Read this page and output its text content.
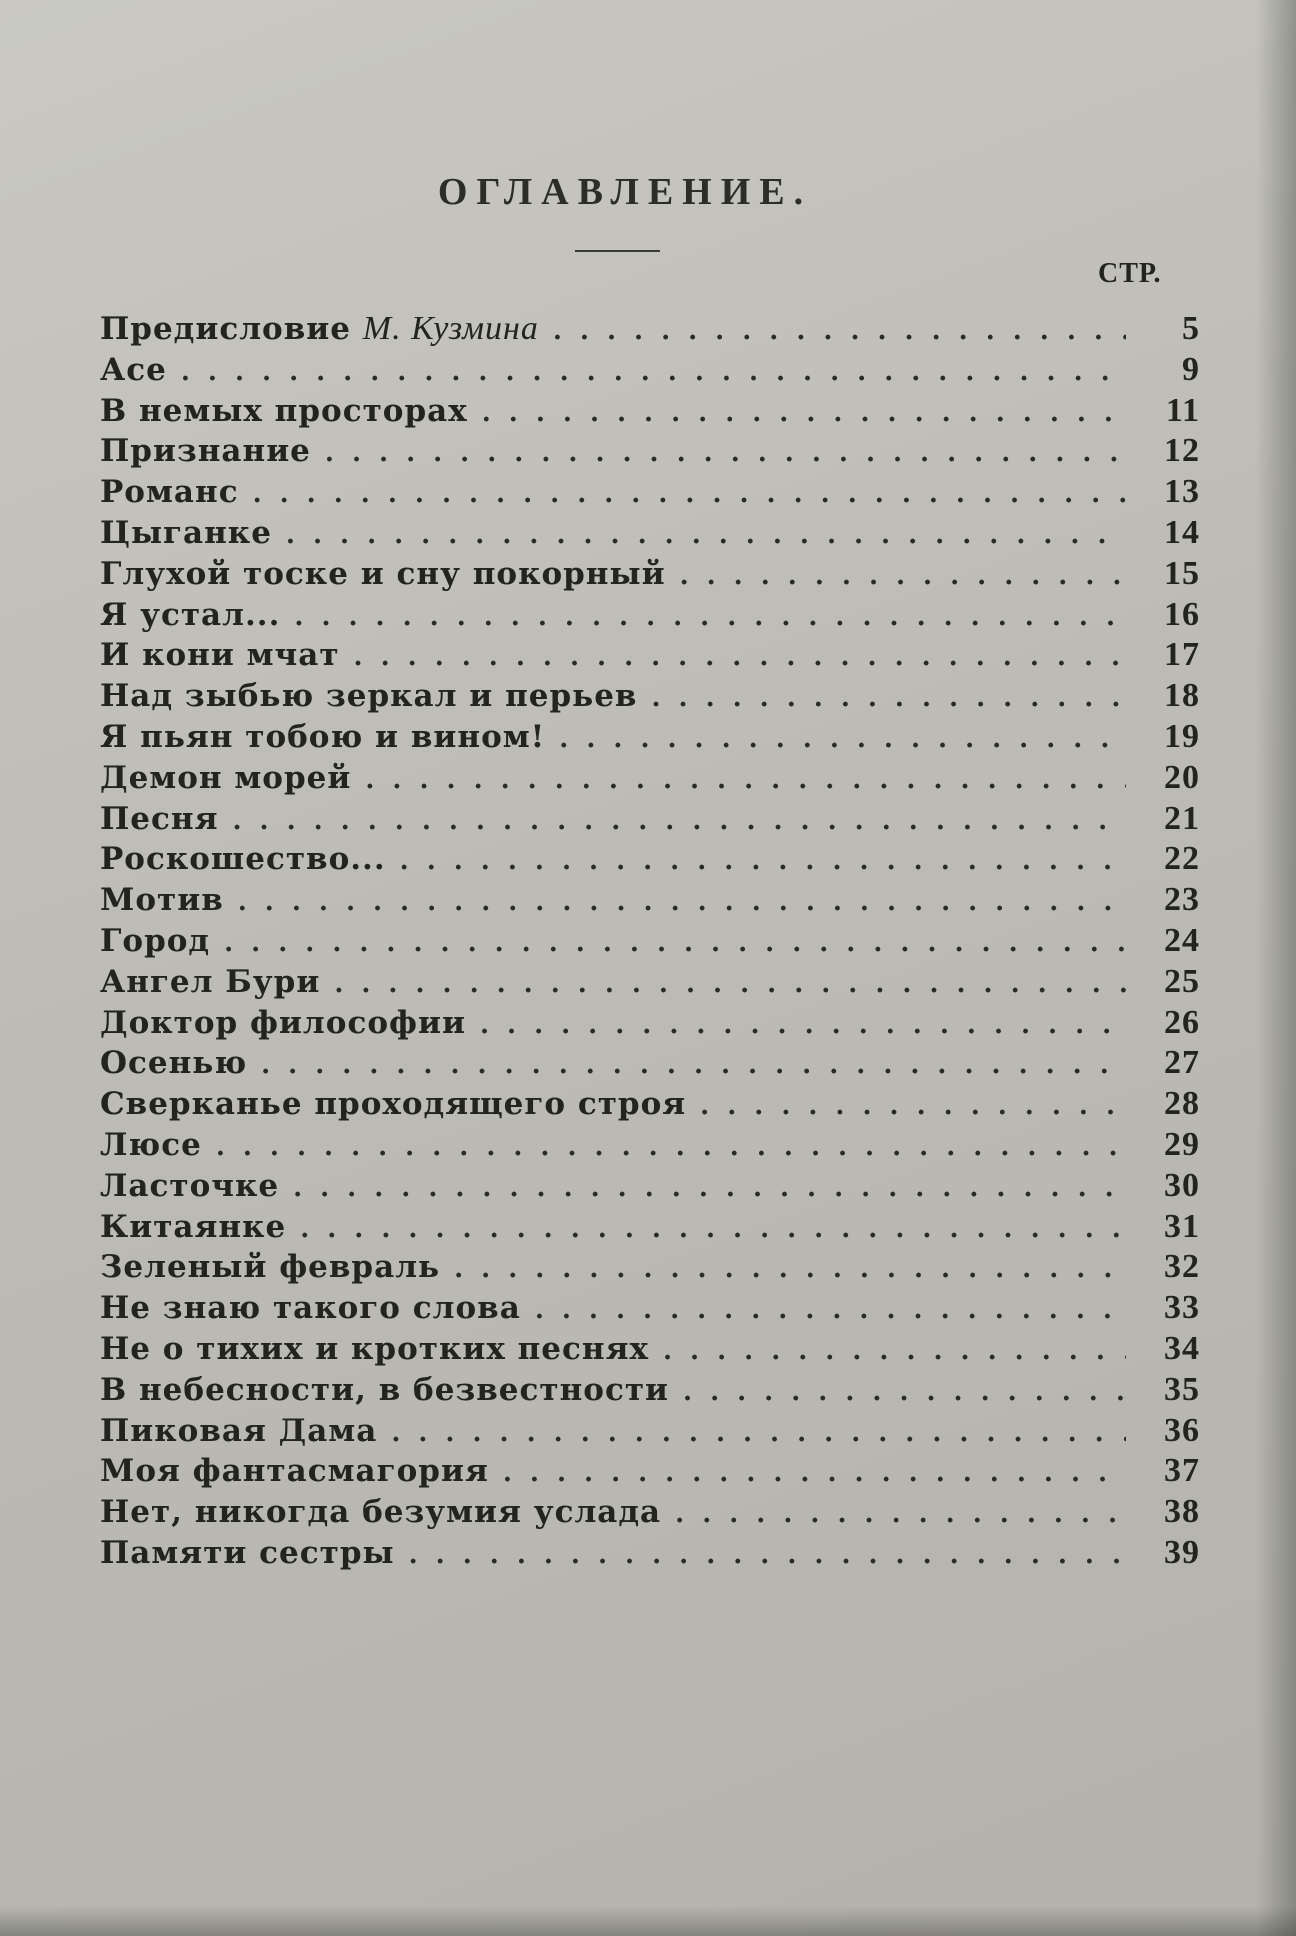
ОГЛАВЛЕНИЕ.
СТР.
Предисловие М. Кузмина .....	5
Асе .....	9
В немых просторах .....	11
Признание .....	12
Романс .....	13
Цыганке .....	14
Глухой тоске и сну покорный .....	15
Я устал... .....	16
И кони мчат .....	17
Над зыбью зеркал и перьев .....	18
Я пьян тобою и вином! .....	19
Демон морей .....	20
Песня .....	21
Роскошество... .....	22
Мотив .....	23
Город .....	24
Ангел Бури .....	25
Доктор философии .....	26
Осенью .....	27
Сверканье проходящего строя .....	28
Люсе .....	29
Ласточке .....	30
Китаянке .....	31
Зеленый февраль .....	32
Не знаю такого слова .....	33
Не о тихих и кротких песнях .....	34
В небесности, в безвестности .....	35
Пиковая Дама .....	36
Моя фантасмагория .....	37
Нет, никогда безумия услада .....	38
Памяти сестры .....	39
